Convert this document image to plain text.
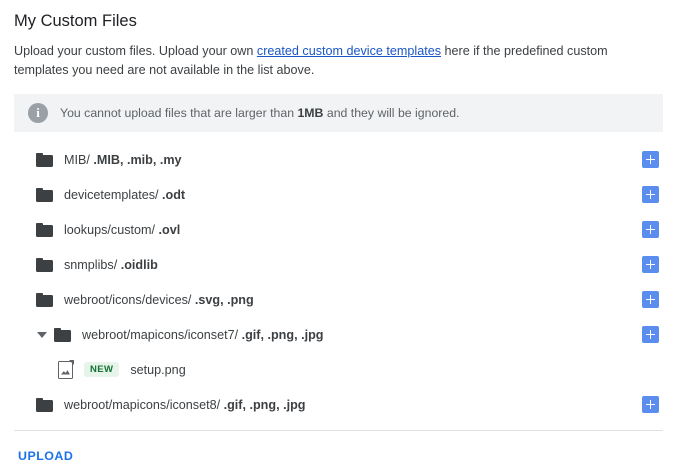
My Custom Files

Upload your custom files. Upload your own created custom device templates here if the predefined custom templates you need are not available in the list above.

i	You cannot upload files that are larger than 1MB and they will be ignored.
MIB/ .MIB, .mib, .my
devicetemplates/ .odt
lookups/custom/ .ovl
snmplibs/ .oidlib
webroot/icons/devices/ .svg, .png
webroot/mapicons/iconset7/ .gif, .png, .jpg
NEW	setup.png
webroot/mapicons/iconset8/ .gif, .png, .jpg
UPLOAD
